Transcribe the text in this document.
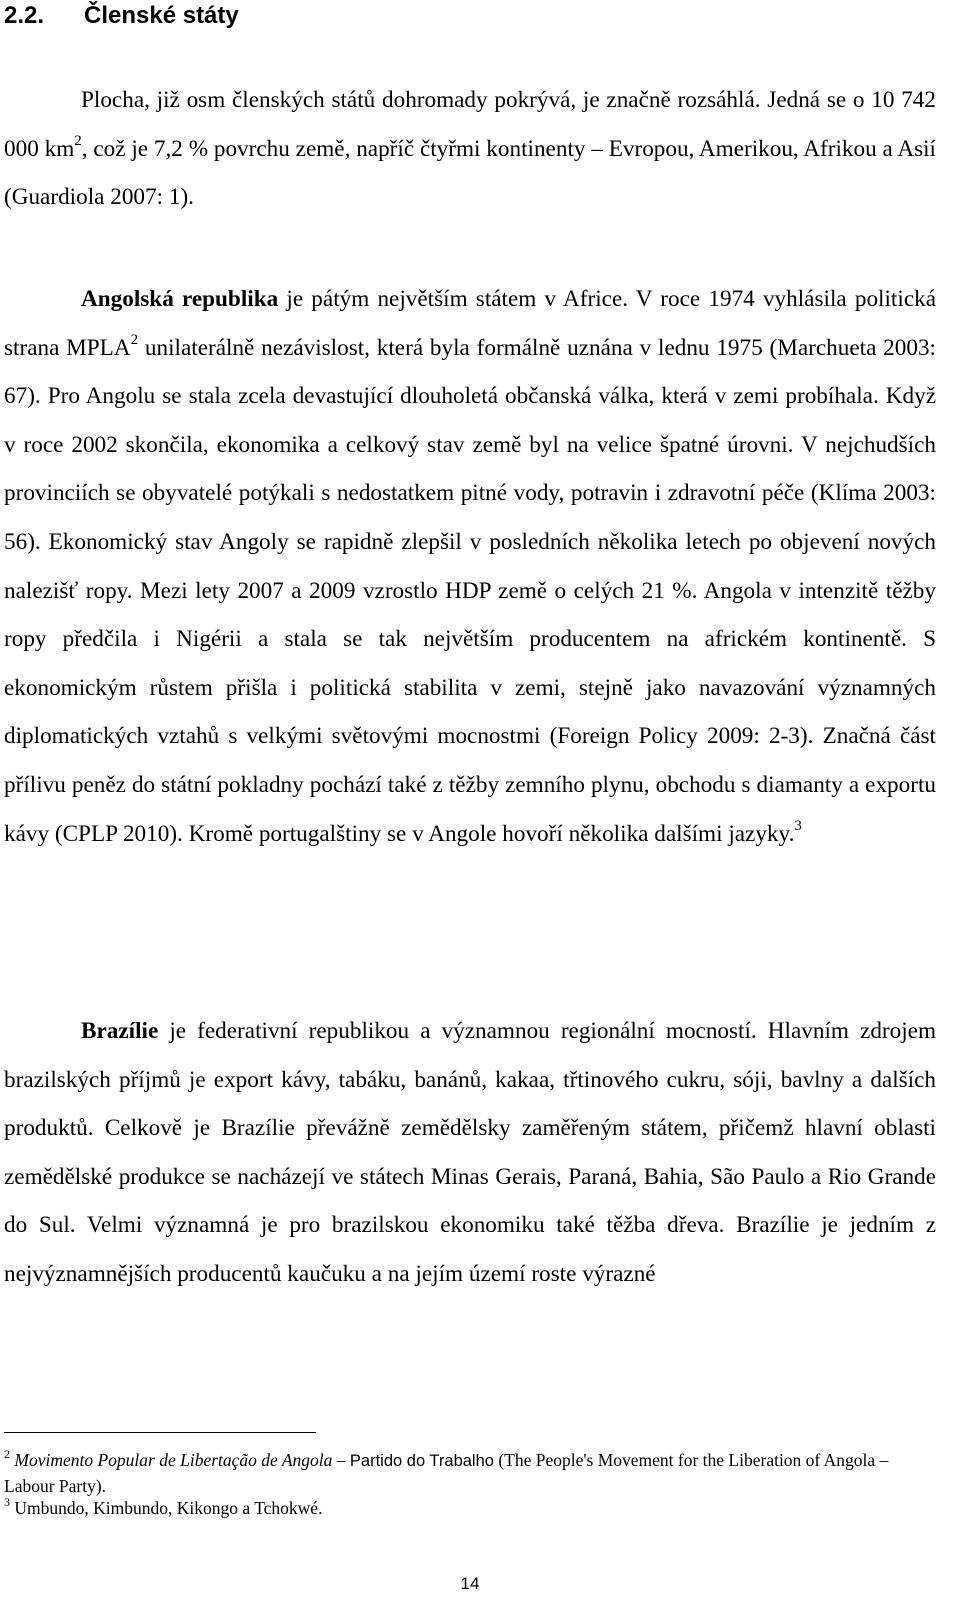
2.2. Členské státy

Plocha, již osm členských států dohromady pokrývá, je značně rozsáhlá. Jedná se o 10 742 000 $km^2$, což je 7,2 % povrchu země, napříč čtyřmi kontinenty – Evropou, Amerikou, Afrikou a Asií (Guardiola 2007: 1).

Angolská republika je pátým největším státem v Africe. V roce 1974 vyhlásila politická strana MPLA$^2$ unilaterálně nezávislost, která byla formálně uznána v lednu 1975 (Marchueta 2003: 67). Pro Angolu se stala zcela devastující dlouholetá občanská válka, která v zemi probíhala. Když v roce 2002 skončila, ekonomika a celkový stav země byl na velice špatné úrovni. V nejchudších provinciích se obyvatelé potýkali s nedostatkem pitné vody, potravin i zdravotní péče (Klíma 2003: 56). Ekonomický stav Angoly se rapidně zlepšil v posledních několika letech po objevení nových nalezišť ropy. Mezi lety 2007 a 2009 vzrostlo HDP země o celých 21 %. Angola v intenzitě těžby ropy předčila i Nigérii a stala se tak největším producentem na africkém kontinentě. S ekonomickým růstem přišla i politická stabilita v zemi, stejně jako navazování významných diplomatických vztahů s velkými světovými mocnostmi (Foreign Policy 2009: 2-3). Značná část přílivu peněz do státní pokladny pochází také z těžby zemního plynu, obchodu s diamanty a exportu kávy (CPLP 2010). Kromě portugalštiny se v Angole hovoří několika dalšími jazyky.$^3$

Brazílie je federativní republikou a významnou regionální mocností. Hlavním zdrojem brazilských příjmů je export kávy, tabáku, banánů, kakaa, třtinového cukru, sóji, bavlny a dalších produktů. Celkově je Brazílie převážně zemědělsky zaměřeným státem, přičemž hlavní oblasti zemědělské produkce se nacházejí ve státech Minas Gerais, Paraná, Bahia, São Paulo a Rio Grande do Sul. Velmi významná je pro brazilskou ekonomiku také těžba dřeva. Brazílie je jedním z nejvýznamnějších producentů kaučuku a na jejím území roste výrazné

$^2$ Movimento Popular de Libertação de Angola – Partido do Trabalho (The People's Movement for the Liberation of Angola – Labour Party).

$^3$ Umbundo, Kimbundo, Kikongo a Tchokwé.

14
